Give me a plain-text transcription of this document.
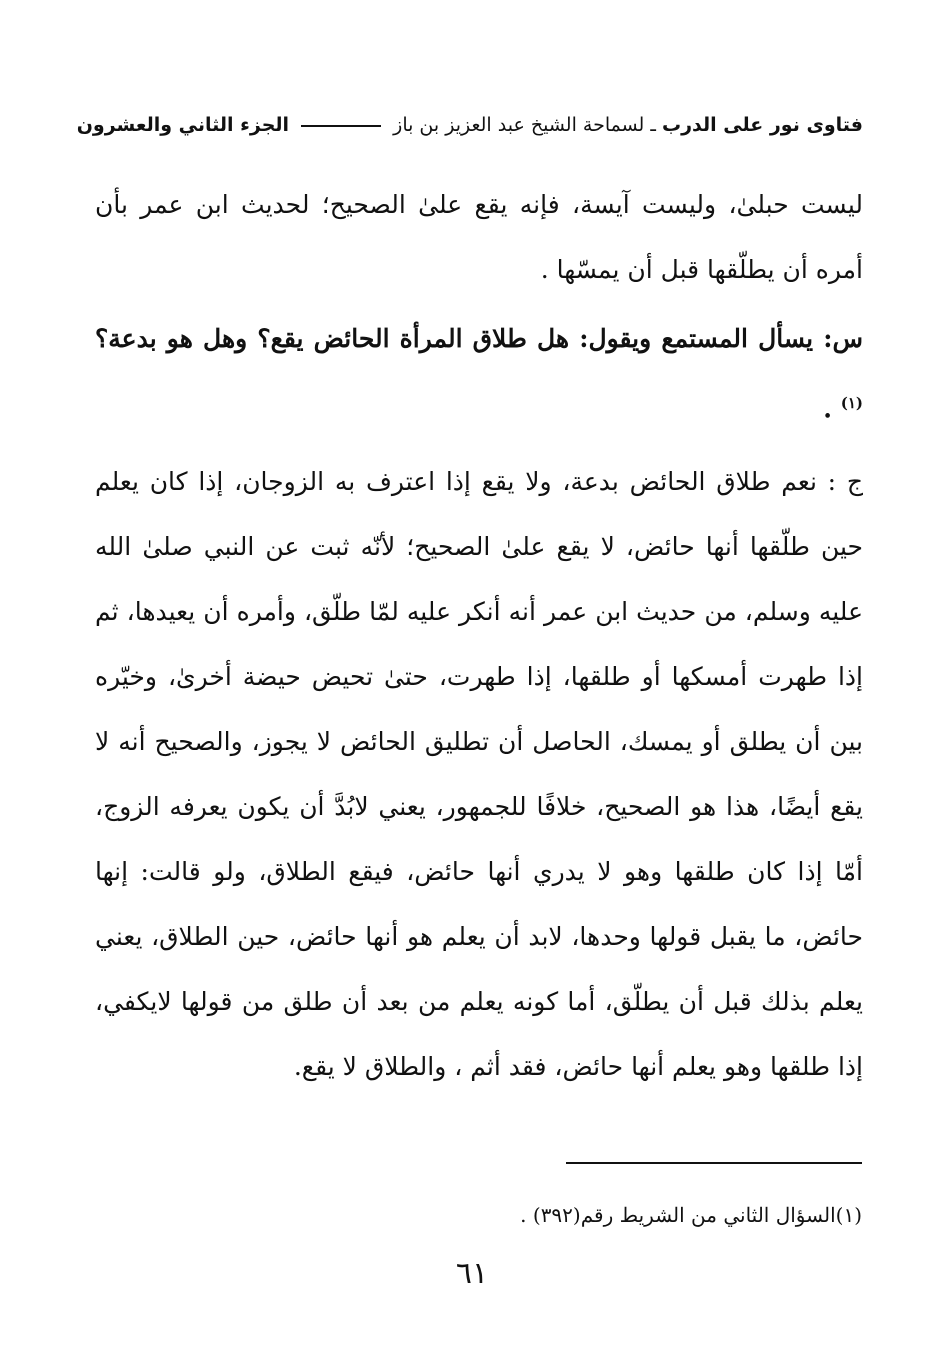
فتاوى نور على الدرب ـ لسماحة الشيخ عبد العزيز بن باز  الجزء الثاني والعشرون

ليست حبلىٰ، وليست آيسة، فإنه يقع علىٰ الصحيح؛ لحديث ابن عمر بأن أمره أن يطلّقها قبل أن يمسّها .

س: يسأل المستمع ويقول: هل طلاق المرأة الحائض يقع؟ وهل هو بدعة؟ $^{(١)}$ .

ج : نعم طلاق الحائض بدعة، ولا يقع إذا اعترف به الزوجان، إذا كان يعلم حين طلّقها أنها حائض، لا يقع علىٰ الصحيح؛ لأنّه ثبت عن النبي صلىٰ الله عليه وسلم، من حديث ابن عمر أنه أنكر عليه لمّا طلّق، وأمره أن يعيدها، ثم إذا طهرت أمسكها أو طلقها، إذا طهرت، حتىٰ تحيض حيضة أخرىٰ، وخيّره بين أن يطلق أو يمسك، الحاصل أن تطليق الحائض لا يجوز، والصحيح أنه لا يقع أيضًا، هذا هو الصحيح، خلافًا للجمهور، يعني لابُدَّ أن يكون يعرفه الزوج، أمّا إذا كان طلقها وهو لا يدري أنها حائض، فيقع الطلاق، ولو قالت: إنها حائض، ما يقبل قولها وحدها، لابد أن يعلم هو أنها حائض، حين الطلاق، يعني يعلم بذلك قبل أن يطلّق، أما كونه يعلم من بعد أن طلق من قولها لايكفي، إذا طلقها وهو يعلم أنها حائض، فقد أثم ، والطلاق لا يقع.

(١)السؤال الثاني من الشريط رقم(٣٩٢) .
٦١
